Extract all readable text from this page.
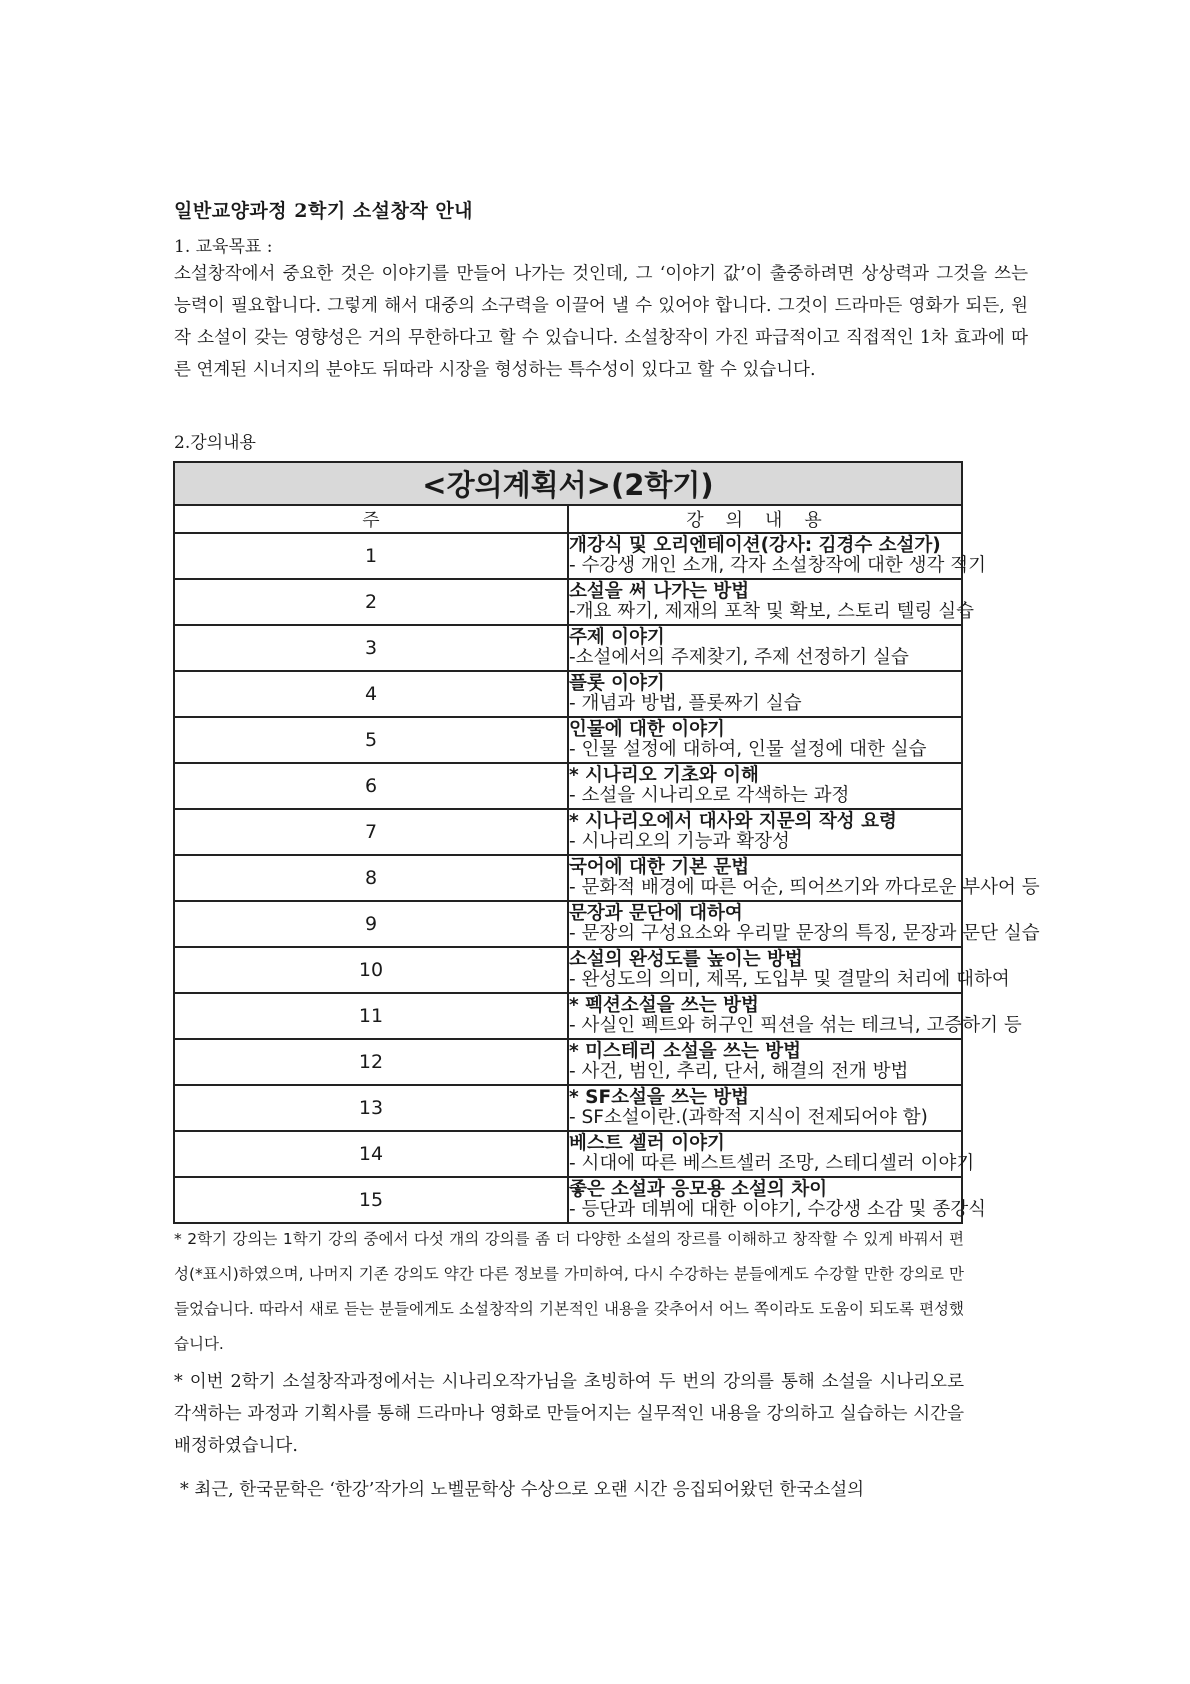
일반교양과정 2학기 소설창작 안내
1. 교육목표 :
소설창작에서 중요한 것은 이야기를 만들어 나가는 것인데, 그 ‘이야기 값’이 출중하려면 상상력과 그것을 쓰는 능력이 필요합니다. 그렇게 해서 대중의 소구력을 이끌어 낼 수 있어야 합니다. 그것이 드라마든 영화가 되든, 원작 소설이 갖는 영향성은 거의 무한하다고 할 수 있습니다. 소설창작이 가진 파급적이고 직접적인 1차 효과에 따른 연계된 시너지의 분야도 뒤따라 시장을 형성하는 특수성이 있다고 할 수 있습니다.
2.강의내용
<강의계획서>(2학기)	
주	강의내용
1	개강식 및 오리엔테이션(강사: 김경수 소설가)
- 수강생 개인 소개, 각자 소설창작에 대한 생각 적기

2	소설을 써 나가는 방법
-개요 짜기, 제재의 포착 및 확보, 스토리 텔링 실습

3	주제 이야기
-소설에서의 주제찾기, 주제 선정하기 실습

4	플롯 이야기
- 개념과 방법, 플롯짜기 실습

5	인물에 대한 이야기
- 인물 설정에 대하여, 인물 설정에 대한 실습

6	* 시나리오 기초와 이해
- 소설을 시나리오로 각색하는 과정

7	* 시나리오에서 대사와 지문의 작성 요령
- 시나리오의 기능과 확장성

8	국어에 대한 기본 문법
- 문화적 배경에 따른 어순, 띄어쓰기와 까다로운 부사어 등

9	문장과 문단에 대하여
- 문장의 구성요소와 우리말 문장의 특징, 문장과 문단 실습

10	소설의 완성도를 높이는 방법
- 완성도의 의미, 제목, 도입부 및 결말의 처리에 대하여

11	* 펙션소설을 쓰는 방법
- 사실인 펙트와 허구인 픽션을 섞는 테크닉, 고증하기 등

12	* 미스테리 소설을 쓰는 방법
- 사건, 범인, 추리, 단서, 해결의 전개 방법

13	* SF소설을 쓰는 방법
- SF소설이란.(과학적 지식이 전제되어야 함)

14	베스트 셀러 이야기
- 시대에 따른 베스트셀러 조망, 스테디셀러 이야기

15	좋은 소설과 응모용 소설의 차이
- 등단과 데뷔에 대한 이야기, 수강생 소감 및 종강식
* 2학기 강의는 1학기 강의 중에서 다섯 개의 강의를 좀 더 다양한 소설의 장르를 이해하고 창작할 수 있게 바꿔서 편성(*표시)하였으며, 나머지 기존 강의도 약간 다른 정보를 가미하여, 다시 수강하는 분들에게도 수강할 만한 강의로 만들었습니다. 따라서 새로 듣는 분들에게도 소설창작의 기본적인 내용을 갖추어서 어느 쪽이라도 도움이 되도록 편성했습니다.
* 이번 2학기 소설창작과정에서는 시나리오작가님을 초빙하여 두 번의 강의를 통해 소설을 시나리오로 각색하는 과정과 기획사를 통해 드라마나 영화로 만들어지는 실무적인 내용을 강의하고 실습하는 시간을 배정하였습니다.
* 최근, 한국문학은 ‘한강’작가의 노벨문학상 수상으로 오랜 시간 응집되어왔던 한국소설의
